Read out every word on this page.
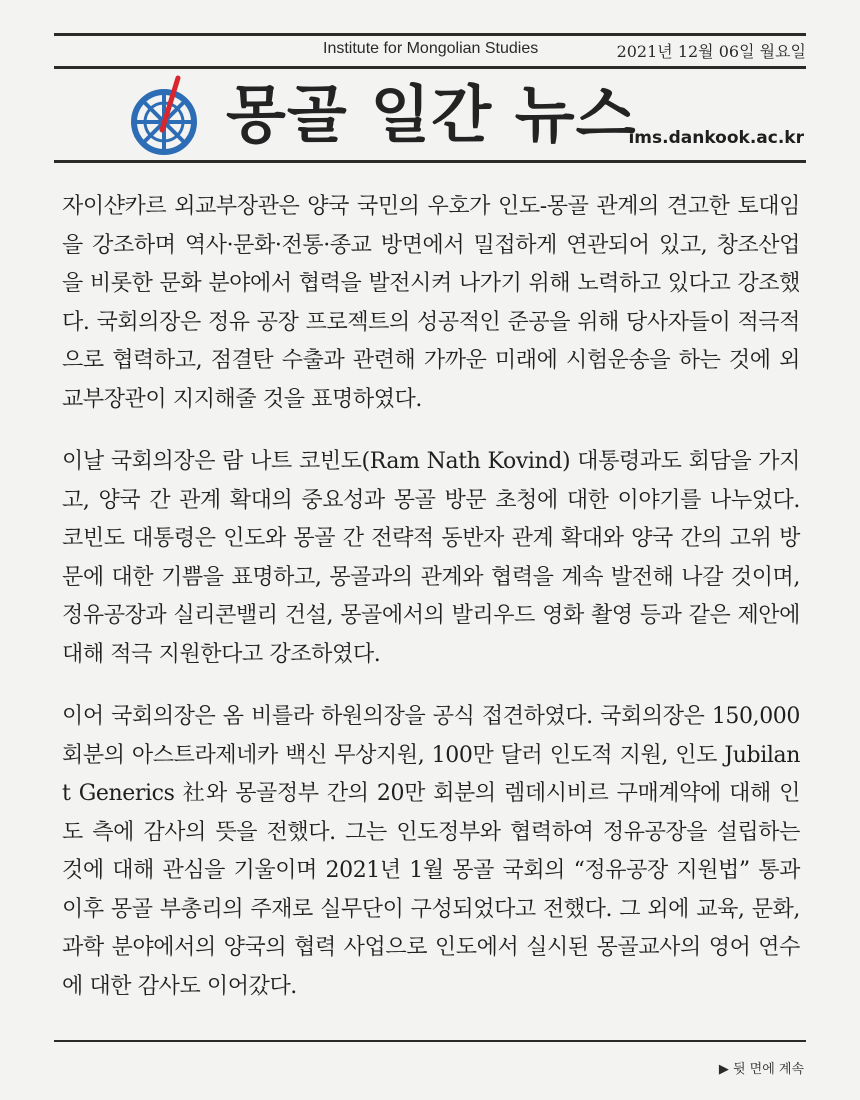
Institute for Mongolian Studies	2021년 12월 06일 월요일
몽골 일간 뉴스
ims.dankook.ac.kr

자이샨카르 외교부장관은 양국 국민의 우호가 인도-몽골 관계의 견고한 토대임을 강조하며 역사·문화·전통·종교 방면에서 밀접하게 연관되어 있고, 창조산업을 비롯한 문화 분야에서 협력을 발전시켜 나가기 위해 노력하고 있다고 강조했다. 국회의장은 정유 공장 프로젝트의 성공적인 준공을 위해 당사자들이 적극적으로 협력하고, 점결탄 수출과 관련해 가까운 미래에 시험운송을 하는 것에 외교부장관이 지지해줄 것을 표명하였다.

이날 국회의장은 람 나트 코빈도(Ram Nath Kovind) 대통령과도 회담을 가지고, 양국 간 관계 확대의 중요성과 몽골 방문 초청에 대한 이야기를 나누었다. 코빈도 대통령은 인도와 몽골 간 전략적 동반자 관계 확대와 양국 간의 고위 방문에 대한 기쁨을 표명하고, 몽골과의 관계와 협력을 계속 발전해 나갈 것이며, 정유공장과 실리콘밸리 건설, 몽골에서의 발리우드 영화 촬영 등과 같은 제안에 대해 적극 지원한다고 강조하였다.

이어 국회의장은 옴 비를라 하원의장을 공식 접견하였다. 국회의장은 150,000회분의 아스트라제네카 백신 무상지원, 100만 달러 인도적 지원, 인도 Jubilant Generics 社와 몽골정부 간의 20만 회분의 렘데시비르 구매계약에 대해 인도 측에 감사의 뜻을 전했다. 그는 인도정부와 협력하여 정유공장을 설립하는 것에 대해 관심을 기울이며 2021년 1월 몽골 국회의 “정유공장 지원법” 통과 이후 몽골 부총리의 주재로 실무단이 구성되었다고 전했다. 그 외에 교육, 문화, 과학 분야에서의 양국의 협력 사업으로 인도에서 실시된 몽골교사의 영어 연수에 대한 감사도 이어갔다.

▶ 뒷 면에 계속
